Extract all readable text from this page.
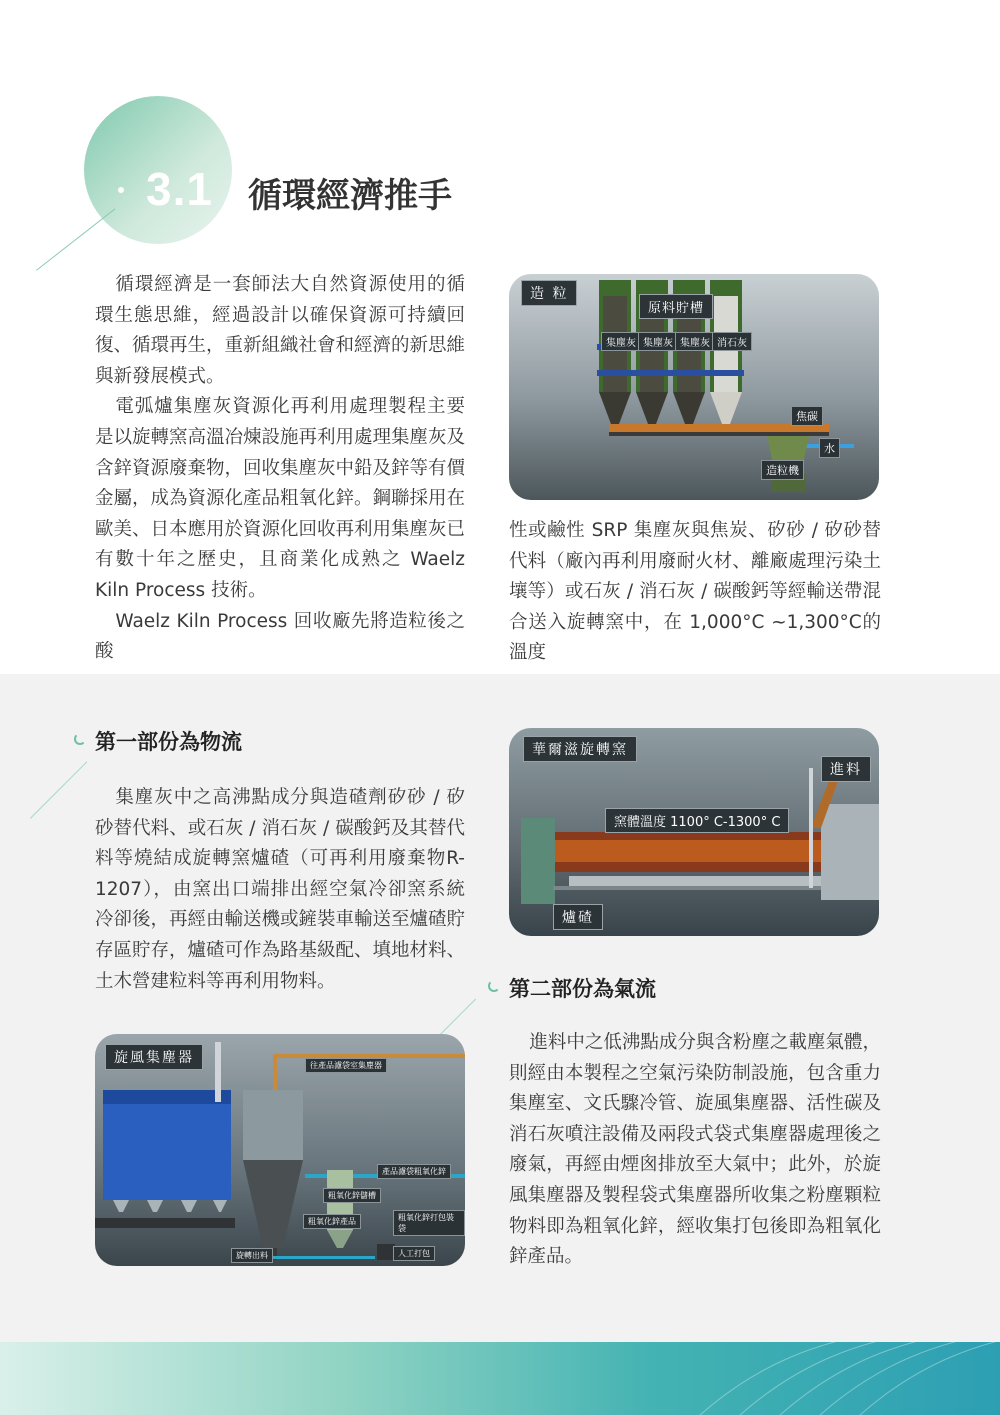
3.1 循環經濟推手

循環經濟是一套師法大自然資源使用的循環生態思維，經過設計以確保資源可持續回復、循環再生，重新組織社會和經濟的新思維與新發展模式。

電弧爐集塵灰資源化再利用處理製程主要是以旋轉窯高溫冶煉設施再利用處理集塵灰及含鋅資源廢棄物，回收集塵灰中鉛及鋅等有價金屬，成為資源化產品粗氧化鋅。鋼聯採用在歐美、日本應用於資源化回收再利用集塵灰已有數十年之歷史，且商業化成熟之 Waelz Kiln Process 技術。

Waelz Kiln Process 回收廠先將造粒後之酸

造 粒
原料貯槽
集塵灰 集塵灰 集塵灰 消石灰
焦碳
水
造粒機

性或鹼性 SRP 集塵灰與焦炭、矽砂 / 矽砂替代料（廠內再利用廢耐火材、離廠處理污染土壤等）或石灰 / 消石灰 / 碳酸鈣等經輸送帶混合送入旋轉窯中，在 1,000°C ~1,300°C的溫度

第一部份為物流

集塵灰中之高沸點成分與造碴劑矽砂 / 矽砂替代料、或石灰 / 消石灰 / 碳酸鈣及其替代料等燒結成旋轉窯爐碴（可再利用廢棄物R-1207），由窯出口端排出經空氣冷卻窯系統冷卻後，再經由輸送機或鏟裝車輸送至爐碴貯存區貯存，爐碴可作為路基級配、填地材料、土木營建粒料等再利用物料。

華爾滋旋轉窯
進料
窯體溫度 1100° C-1300° C
爐碴
第二部份為氣流

進料中之低沸點成分與含粉塵之載塵氣體，則經由本製程之空氣污染防制設施，包含重力集塵室、文氏驟冷管、旋風集塵器、活性碳及消石灰噴注設備及兩段式袋式集塵器處理後之廢氣，再經由煙囪排放至大氣中；此外，於旋風集塵器及製程袋式集塵器所收集之粉塵顆粒物料即為粗氧化鋅，經收集打包後即為粗氧化鋅產品。

旋風集塵器	往產品濾袋室集塵器
產品濾袋粗氧化鋅
粗氧化鋅儲槽
粗氧化鋅產品	粗氧化鋅打包裝袋
旋轉出料	人工打包
